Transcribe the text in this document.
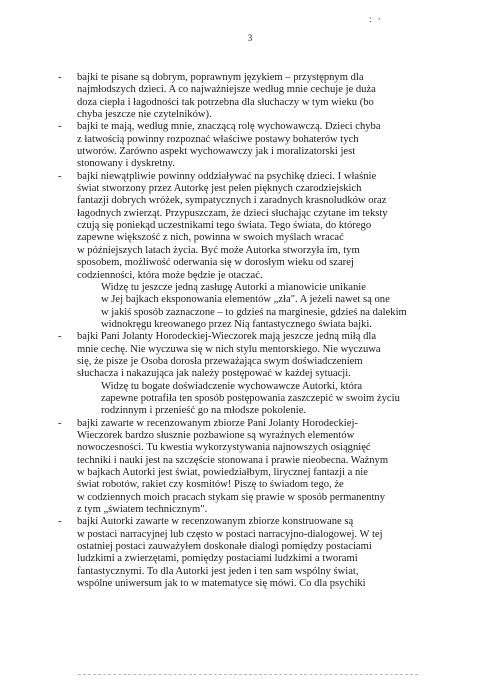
: ·
3
- bajki te pisane są dobrym, poprawnym językiem – przystępnym dla
najmłodszych dzieci. A co najważniejsze według mnie cechuje je duża
doza ciepła i łagodności tak potrzebna dla słuchaczy w tym wieku (bo
chyba jeszcze nie czytelników).
- bajki te mają, według mnie, znaczącą rolę wychowawczą. Dzieci chyba
z łatwością powinny rozpoznać właściwe postawy bohaterów tych
utworów. Zarówno aspekt wychowawczy jak i moralizatorski jest
stonowany i dyskretny.
- bajki niewątpliwie powinny oddziaływać na psychikę dzieci. I właśnie
świat stworzony przez Autorkę jest pełen pięknych czarodziejskich
fantazji dobrych wróżek, sympatycznych i zaradnych krasnoludków oraz
łagodnych zwierząt. Przypuszczam, że dzieci słuchając czytane im teksty
czują się poniekąd uczestnikami tego świata. Tego świata, do którego
zapewne większość z nich, powinna w swoich myślach wracać
w późniejszych latach życia. Być może Autorka stworzyła im, tym
sposobem, możliwość oderwania się w dorosłym wieku od szarej
codzienności, która może będzie je otaczać.
Widzę tu jeszcze jedną zasługę Autorki a mianowicie unikanie
w Jej bajkach eksponowania elementów „zła". A jeżeli nawet są one
w jakiś sposób zaznaczone – to gdzieś na marginesie, gdzieś na dalekim
widnokręgu kreowanego przez Nią fantastycznego świata bajki.
- bajki Pani Jolanty Horodeckiej-Wieczorek mają jeszcze jedną miłą dla
mnie cechę. Nie wyczuwa się w nich stylu mentorskiego. Nie wyczuwa
się, że pisze je Osoba dorosła przeważająca swym doświadczeniem
słuchacza i nakazująca jak należy postępować w każdej sytuacji.
Widzę tu bogate doświadczenie wychowawcze Autorki, która
zapewne potrafiła ten sposób postępowania zaszczepić w swoim życiu
rodzinnym i przenieść go na młodsze pokolenie.
- bajki zawarte w recenzowanym zbiorze Pani Jolanty Horodeckiej-
Wieczorek bardzo słusznie pozbawione są wyraźnych elementów
nowoczesności. Tu kwestia wykorzystywania najnowszych osiągnięć
techniki i nauki jest na szczęście stonowana i prawie nieobecna. Ważnym
w bajkach Autorki jest świat, powiedziałbym, lirycznej fantazji a nie
świat robotów, rakiet czy kosmitów! Piszę to świadom tego, że
w codziennych moich pracach stykam się prawie w sposób permanentny
z tym „światem technicznym".
- bajki Autorki zawarte w recenzowanym zbiorze konstruowane są
w postaci narracyjnej lub często w postaci narracyjno-dialogowej. W tej
ostatniej postaci zauważyłem doskonałe dialogi pomiędzy postaciami
ludzkimi a zwierzętami, pomiędzy postaciami ludzkimi a tworami
fantastycznymi. To dla Autorki jest jeden i ten sam wspólny świat,
wspólne uniwersum jak to w matematyce się mówi. Co dla psychiki
